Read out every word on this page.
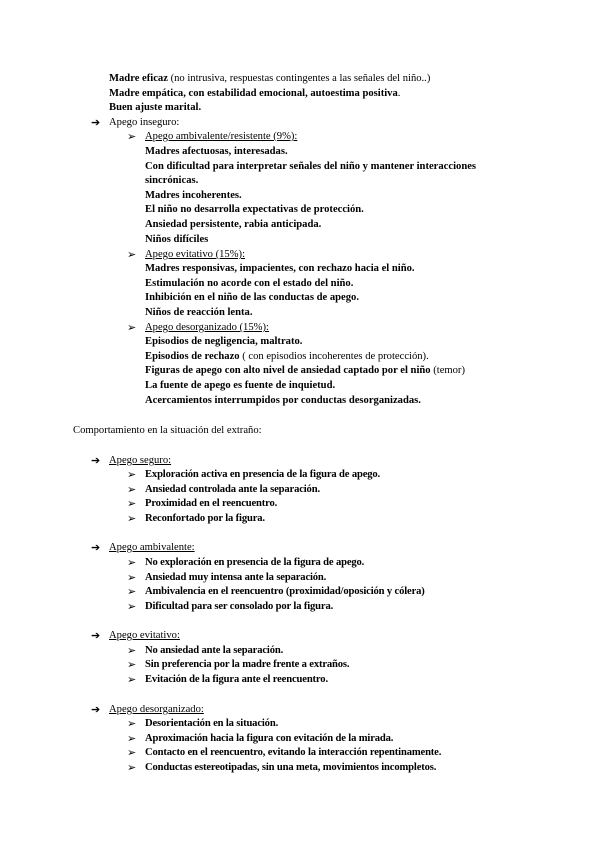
Madre eficaz (no intrusiva, respuestas contingentes a las señales del niño..)
Madre empática, con estabilidad emocional, autoestima positiva.
Buen ajuste marital.
➔ Apego inseguro:
➢ Apego ambivalente/resistente (9%):
Madres afectuosas, interesadas.
Con dificultad para interpretar señales del niño y mantener interacciones
sincrónicas.
Madres incoherentes.
El niño no desarrolla expectativas de protección.
Ansiedad persistente, rabia anticipada.
Niños difíciles
➢ Apego evitativo (15%):
Madres responsivas, impacientes, con rechazo hacia el niño.
Estimulación no acorde con el estado del niño.
Inhibición en el niño de las conductas de apego.
Niños de reacción lenta.
➢ Apego desorganizado (15%):
Episodios de negligencia, maltrato.
Episodios de rechazo ( con episodios incoherentes de protección).
Figuras de apego con alto nivel de ansiedad captado por el niño (temor)
La fuente de apego es fuente de inquietud.
Acercamientos interrumpidos por conductas desorganizadas.
Comportamiento en la situación del extraño:
➔ Apego seguro:
➢ Exploración activa en presencia de la figura de apego.
➢ Ansiedad controlada ante la separación.
➢ Proximidad en el reencuentro.
➢ Reconfortado por la figura.
➔ Apego ambivalente:
➢ No exploración en presencia de la figura de apego.
➢ Ansiedad muy intensa ante la separación.
➢ Ambivalencia en el reencuentro (proximidad/oposición y cólera)
➢ Dificultad para ser consolado por la figura.
➔ Apego evitativo:
➢ No ansiedad ante la separación.
➢ Sin preferencia por la madre frente a extraños.
➢ Evitación de la figura ante el reencuentro.
➔ Apego desorganizado:
➢ Desorientación en la situación.
➢ Aproximación hacia la figura con evitación de la mirada.
➢ Contacto en el reencuentro, evitando la interacción repentinamente.
➢ Conductas estereotipadas, sin una meta, movimientos incompletos.
